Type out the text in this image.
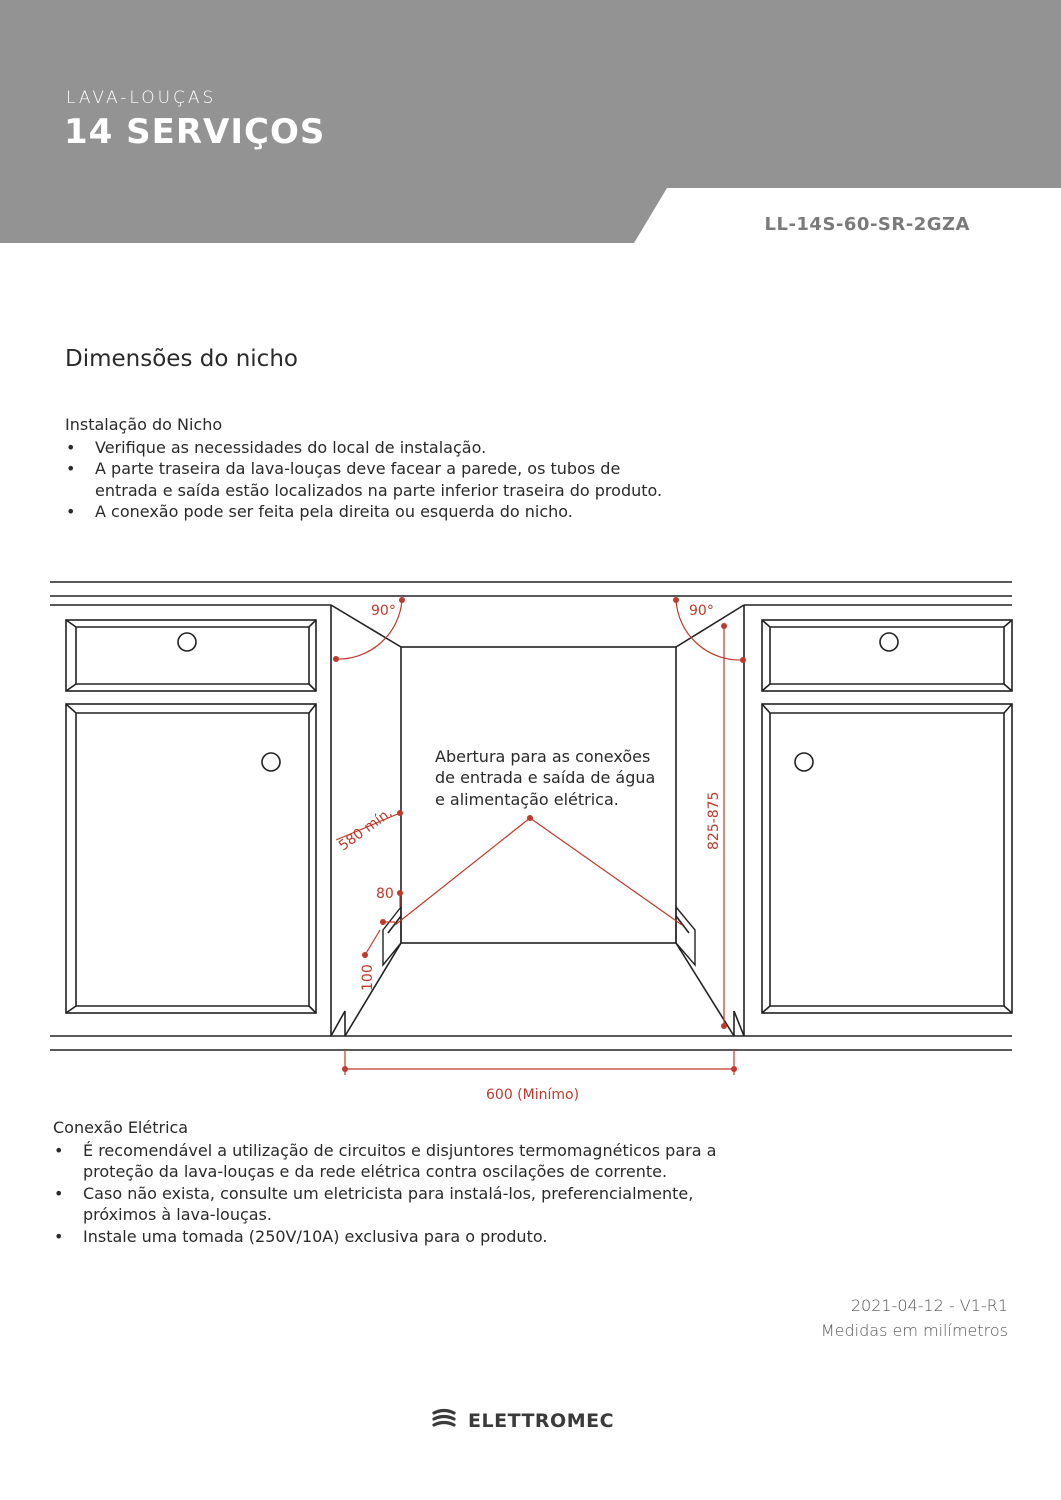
LAVA-LOUÇAS
14 SERVIÇOS
LL-14S-60-SR-2GZA
Dimensões do nicho
Instalação do Nicho
• Verifique as necessidades do local de instalação.
• A parte traseira da lava-louças deve facear a parede, os tubos de entrada e saída estão localizados na parte inferior traseira do produto.
• A conexão pode ser feita pela direita ou esquerda do nicho.
90°	90°
580 mín.	825-875
80
100
600 (Minímo)
Abertura para as conexões
de entrada e saída de água
e alimentação elétrica.
Conexão Elétrica
• É recomendável a utilização de circuitos e disjuntores termomagnéticos para a proteção da lava-louças e da rede elétrica contra oscilações de corrente.
• Caso não exista, consulte um eletricista para instalá-los, preferencialmente, próximos à lava-louças.
• Instale uma tomada (250V/10A) exclusiva para o produto.
2021-04-12 - V1-R1
Medidas em milímetros
ELETTROMEC
